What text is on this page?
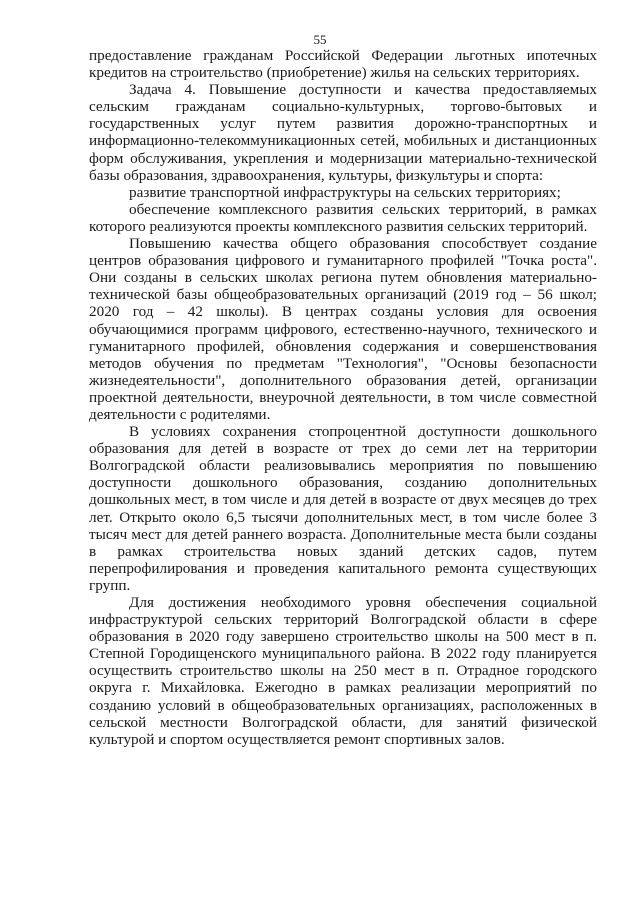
55

предоставление гражданам Российской Федерации льготных ипотечных кредитов на строительство (приобретение) жилья на сельских территориях.

Задача 4. Повышение доступности и качества предоставляемых сельским гражданам социально-культурных, торгово-бытовых и государственных услуг путем развития дорожно-транспортных и информационно-телекоммуникационных сетей, мобильных и дистанционных форм обслуживания, укрепления и модернизации материально-технической базы образования, здравоохранения, культуры, физкультуры и спорта:

развитие транспортной инфраструктуры на сельских территориях;

обеспечение комплексного развития сельских территорий, в рамках которого реализуются проекты комплексного развития сельских территорий.

Повышению качества общего образования способствует создание центров образования цифрового и гуманитарного профилей "Точка роста". Они созданы в сельских школах региона путем обновления материально-технической базы общеобразовательных организаций (2019 год – 56 школ; 2020 год – 42 школы). В центрах созданы условия для освоения обучающимися программ цифрового, естественно-научного, технического и гуманитарного профилей, обновления содержания и совершенствования методов обучения по предметам "Технология", "Основы безопасности жизнедеятельности", дополнительного образования детей, организации проектной деятельности, внеурочной деятельности, в том числе совместной деятельности с родителями.

В условиях сохранения стопроцентной доступности дошкольного образования для детей в возрасте от трех до семи лет на территории Волгоградской области реализовывались мероприятия по повышению доступности дошкольного образования, созданию дополнительных дошкольных мест, в том числе и для детей в возрасте от двух месяцев до трех лет. Открыто около 6,5 тысячи дополнительных мест, в том числе более 3 тысяч мест для детей раннего возраста. Дополнительные места были созданы в рамках строительства новых зданий детских садов, путем перепрофилирования и проведения капитального ремонта существующих групп.

Для достижения необходимого уровня обеспечения социальной инфраструктурой сельских территорий Волгоградской области в сфере образования в 2020 году завершено строительство школы на 500 мест в п. Степной Городищенского муниципального района. В 2022 году планируется осуществить строительство школы на 250 мест в п. Отрадное городского округа г. Михайловка. Ежегодно в рамках реализации мероприятий по созданию условий в общеобразовательных организациях, расположенных в сельской местности Волгоградской области, для занятий физической культурой и спортом осуществляется ремонт спортивных залов.
